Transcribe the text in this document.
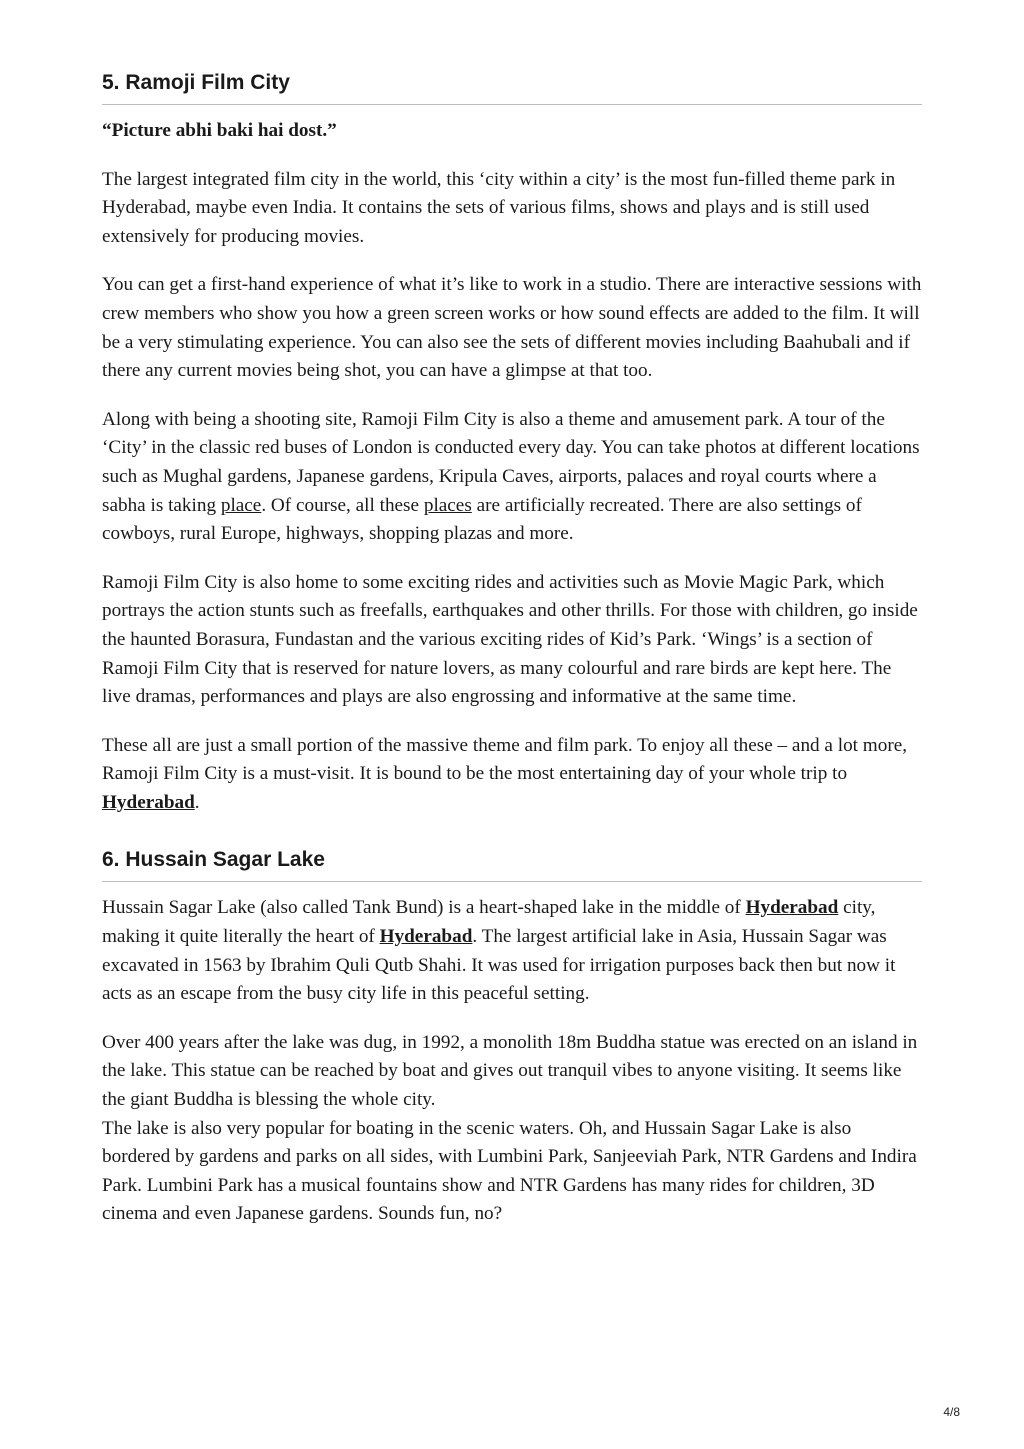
5. Ramoji Film City

“Picture abhi baki hai dost.”

The largest integrated film city in the world, this ‘city within a city’ is the most fun-filled theme park in Hyderabad, maybe even India. It contains the sets of various films, shows and plays and is still used extensively for producing movies.

You can get a first-hand experience of what it’s like to work in a studio. There are interactive sessions with crew members who show you how a green screen works or how sound effects are added to the film. It will be a very stimulating experience. You can also see the sets of different movies including Baahubali and if there any current movies being shot, you can have a glimpse at that too.

Along with being a shooting site, Ramoji Film City is also a theme and amusement park. A tour of the ‘City’ in the classic red buses of London is conducted every day. You can take photos at different locations such as Mughal gardens, Japanese gardens, Kripula Caves, airports, palaces and royal courts where a sabha is taking place. Of course, all these places are artificially recreated. There are also settings of cowboys, rural Europe, highways, shopping plazas and more.

Ramoji Film City is also home to some exciting rides and activities such as Movie Magic Park, which portrays the action stunts such as freefalls, earthquakes and other thrills. For those with children, go inside the haunted Borasura, Fundastan and the various exciting rides of Kid’s Park. ‘Wings’ is a section of Ramoji Film City that is reserved for nature lovers, as many colourful and rare birds are kept here. The live dramas, performances and plays are also engrossing and informative at the same time.

These all are just a small portion of the massive theme and film park. To enjoy all these – and a lot more, Ramoji Film City is a must-visit. It is bound to be the most entertaining day of your whole trip to Hyderabad.

6. Hussain Sagar Lake

Hussain Sagar Lake (also called Tank Bund) is a heart-shaped lake in the middle of Hyderabad city, making it quite literally the heart of Hyderabad. The largest artificial lake in Asia, Hussain Sagar was excavated in 1563 by Ibrahim Quli Qutb Shahi. It was used for irrigation purposes back then but now it acts as an escape from the busy city life in this peaceful setting.

Over 400 years after the lake was dug, in 1992, a monolith 18m Buddha statue was erected on an island in the lake. This statue can be reached by boat and gives out tranquil vibes to anyone visiting. It seems like the giant Buddha is blessing the whole city.

The lake is also very popular for boating in the scenic waters. Oh, and Hussain Sagar Lake is also bordered by gardens and parks on all sides, with Lumbini Park, Sanjeeviah Park, NTR Gardens and Indira Park. Lumbini Park has a musical fountains show and NTR Gardens has many rides for children, 3D cinema and even Japanese gardens. Sounds fun, no?

4/8
